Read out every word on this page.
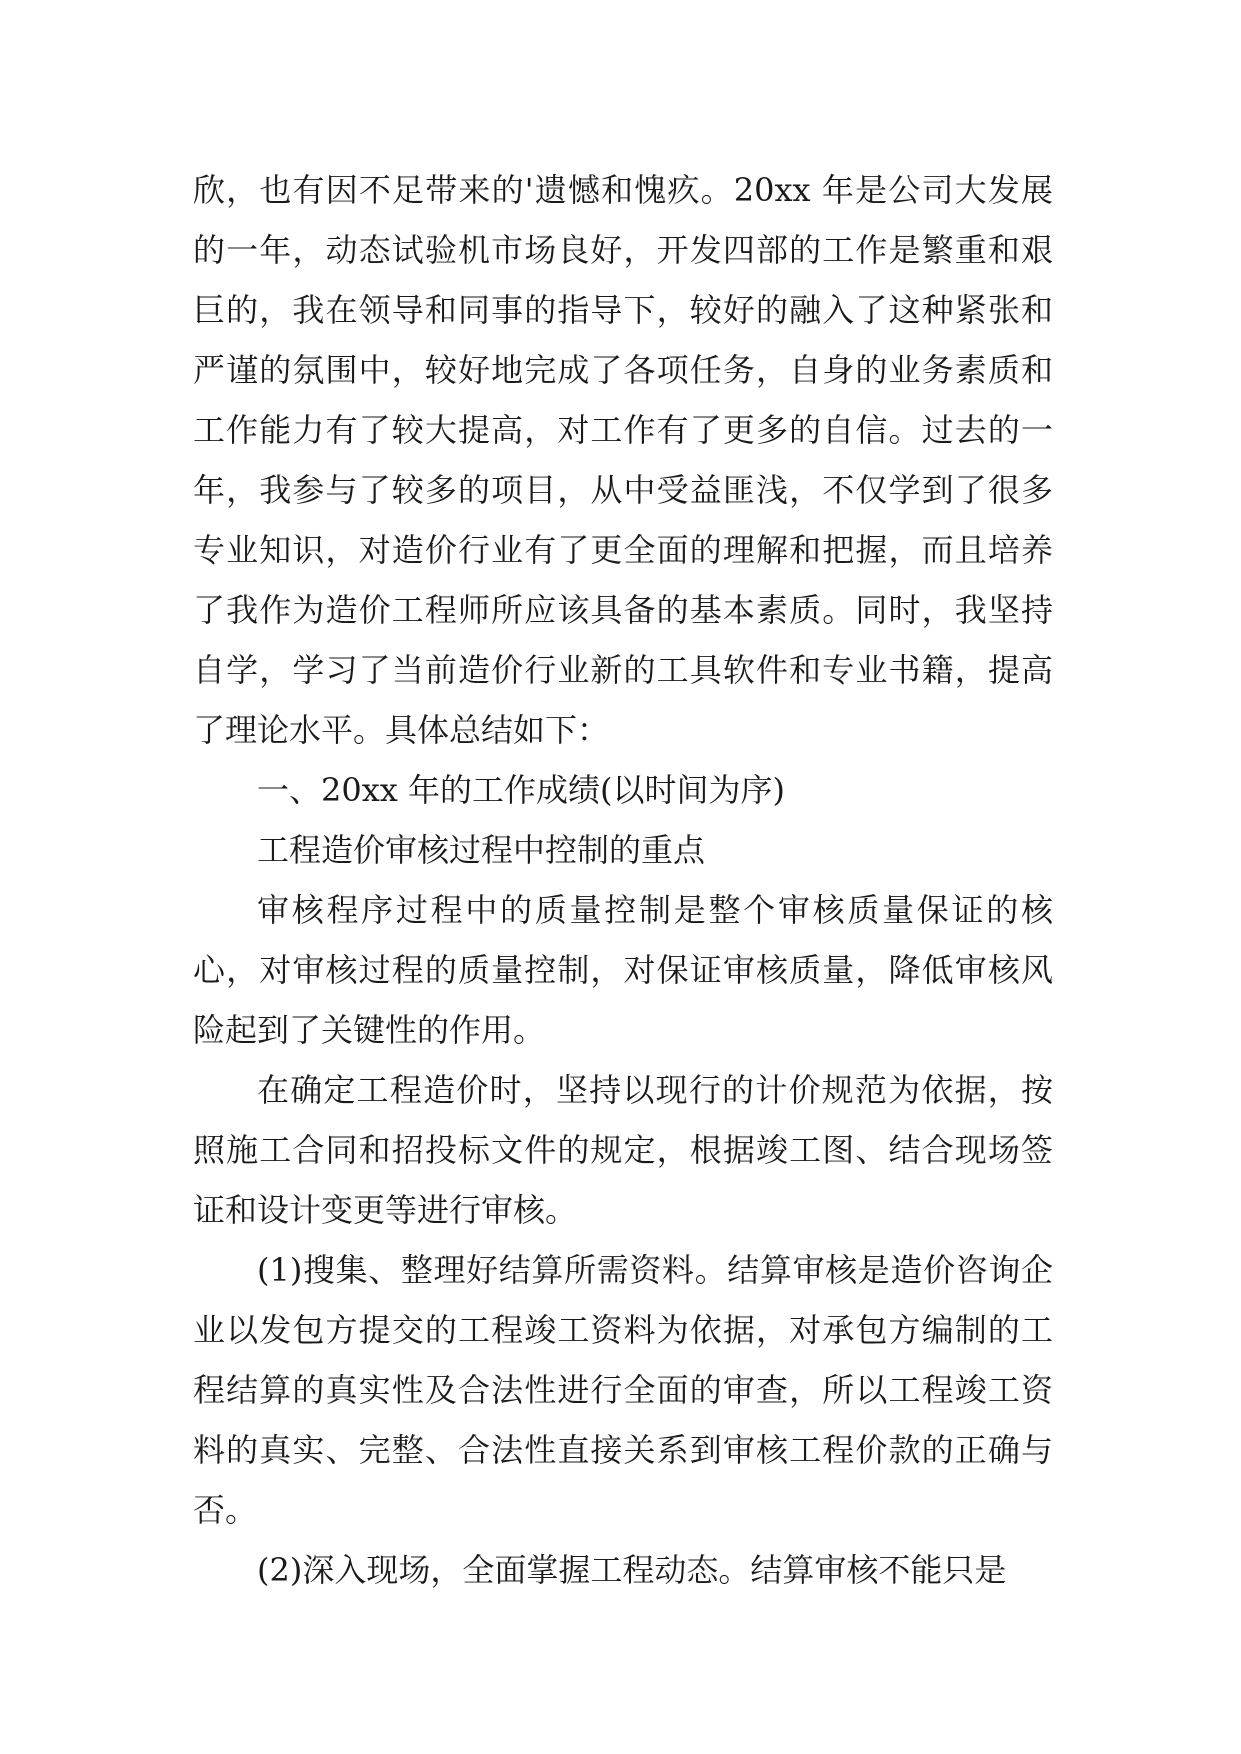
欣，也有因不足带来的'遗憾和愧疚。20xx 年是公司大发展的一年，动态试验机市场良好，开发四部的工作是繁重和艰巨的，我在领导和同事的指导下，较好的融入了这种紧张和严谨的氛围中，较好地完成了各项任务，自身的业务素质和工作能力有了较大提高，对工作有了更多的自信。过去的一年，我参与了较多的项目，从中受益匪浅，不仅学到了很多专业知识，对造价行业有了更全面的理解和把握，而且培养了我作为造价工程师所应该具备的基本素质。同时，我坚持自学，学习了当前造价行业新的工具软件和专业书籍，提高了理论水平。具体总结如下：

一、20xx 年的工作成绩(以时间为序)

工程造价审核过程中控制的重点

审核程序过程中的质量控制是整个审核质量保证的核心，对审核过程的质量控制，对保证审核质量，降低审核风险起到了关键性的作用。

在确定工程造价时，坚持以现行的计价规范为依据，按照施工合同和招投标文件的规定，根据竣工图、结合现场签证和设计变更等进行审核。

(1)搜集、整理好结算所需资料。结算审核是造价咨询企业以发包方提交的工程竣工资料为依据，对承包方编制的工程结算的真实性及合法性进行全面的审查，所以工程竣工资料的真实、完整、合法性直接关系到审核工程价款的正确与否。

(2)深入现场，全面掌握工程动态。结算审核不能只是
